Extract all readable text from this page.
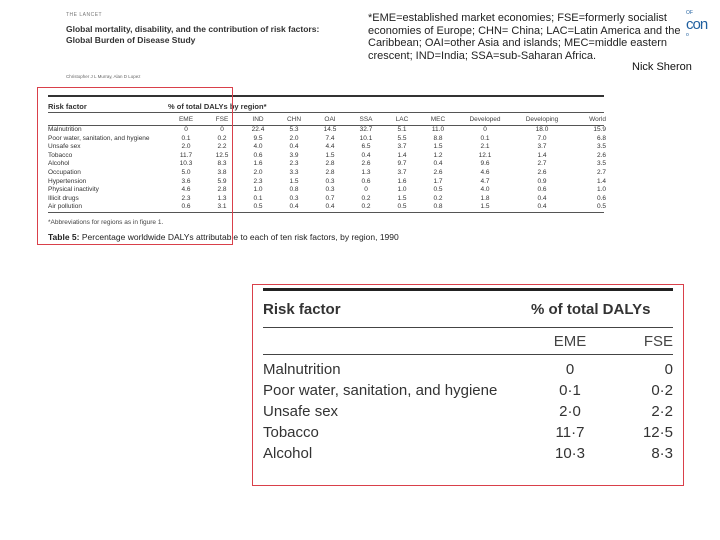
THE LANCET
Global mortality, disability, and the contribution of risk factors: Global Burden of Disease Study
Christopher J L Murray, Alan D Lopez
*EME=established market economies; FSE=formerly socialist economies of Europe; CHN= China; LAC=Latin America and the Caribbean; OAI=other Asia and islands; MEC=middle eastern crescent; IND=India; SSA=sub-Saharan Africa.
OF
con
o
Nick Sheron
Risk factor	% of total DALYs by region*
EME	FSE	IND	CHN	OAI	SSA	LAC	MEC	Developed	Developing	World
Malnutrition	0	0	22.4	5.3	14.5	32.7	5.1	11.0	0	18.0	15.9
Poor water, sanitation, and hygiene	0.1	0.2	9.5	2.0	7.4	10.1	5.5	8.8	0.1	7.0	6.8
Unsafe sex	2.0	2.2	4.0	0.4	4.4	6.5	3.7	1.5	2.1	3.7	3.5
Tobacco	11.7	12.5	0.6	3.9	1.5	0.4	1.4	1.2	12.1	1.4	2.6
Alcohol	10.3	8.3	1.6	2.3	2.8	2.6	9.7	0.4	9.6	2.7	3.5
Occupation	5.0	3.8	2.0	3.3	2.8	1.3	3.7	2.6	4.6	2.6	2.7
Hypertension	3.6	5.9	2.3	1.5	0.3	0.6	1.6	1.7	4.7	0.9	1.4
Physical inactivity	4.6	2.8	1.0	0.8	0.3	0	1.0	0.5	4.0	0.6	1.0
Illicit drugs	2.3	1.3	0.1	0.3	0.7	0.2	1.5	0.2	1.8	0.4	0.6
Air pollution	0.6	3.1	0.5	0.4	0.4	0.2	0.5	0.8	1.5	0.4	0.5
*Abbreviations for regions as in figure 1.
Table 5: Percentage worldwide DALYs attributable to each of ten risk factors, by region, 1990
Risk factor	% of total DALYs
EME	FSE
Malnutrition	0	0
Poor water, sanitation, and hygiene	0·1	0·2
Unsafe sex	2·0	2·2
Tobacco	11·7	12·5
Alcohol	10·3	8·3
